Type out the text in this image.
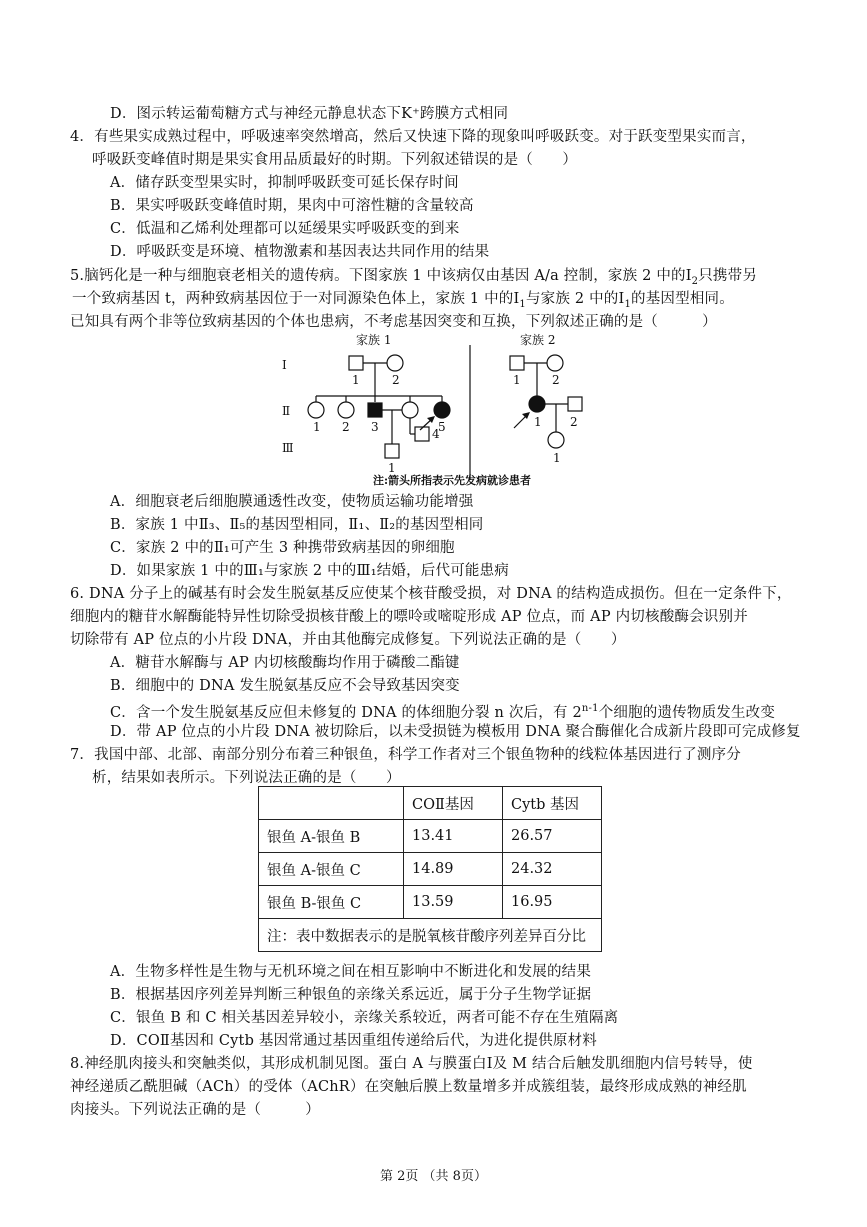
D．图示转运葡萄糖方式与神经元静息状态下K⁺跨膜方式相同
4．有些果实成熟过程中，呼吸速率突然增高，然后又快速下降的现象叫呼吸跃变。对于跃变型果实而言，
呼吸跃变峰值时期是果实食用品质最好的时期。下列叙述错误的是（　　）
A．储存跃变型果实时，抑制呼吸跃变可延长保存时间
B．果实呼吸跃变峰值时期，果肉中可溶性糖的含量较高
C．低温和乙烯利处理都可以延缓果实呼吸跃变的到来
D．呼吸跃变是环境、植物激素和基因表达共同作用的结果
5.脑钙化是一种与细胞衰老相关的遗传病。下图家族 1 中该病仅由基因 A/a 控制，家族 2 中的$Ⅰ_2$只携带另
一个致病基因 t，两种致病基因位于一对同源染色体上，家族 1 中的$Ⅰ_1$与家族 2 中的$Ⅰ_1$的基因型相同。
已知具有两个非等位致病基因的个体也患病，不考虑基因突变和互换，下列叙述正确的是（　　　）
家族 1	家族 2
Ⅰ
Ⅱ
Ⅲ
1	2
1 2 3	4
5
1
1	2
1 2
1
注:箭头所指表示先发病就诊患者
A．细胞衰老后细胞膜通透性改变，使物质运输功能增强
B．家族 1 中Ⅱ₃、Ⅱ₅的基因型相同，Ⅱ₁、Ⅱ₂的基因型相同
C．家族 2 中的Ⅱ₁可产生 3 种携带致病基因的卵细胞
D．如果家族 1 中的Ⅲ₁与家族 2 中的Ⅲ₁结婚，后代可能患病
6. DNA 分子上的碱基有时会发生脱氨基反应使某个核苷酸受损，对 DNA 的结构造成损伤。但在一定条件下，
细胞内的糖苷水解酶能特异性切除受损核苷酸上的嘌呤或嘧啶形成 AP 位点，而 AP 内切核酸酶会识别并
切除带有 AP 位点的小片段 DNA，并由其他酶完成修复。下列说法正确的是（　　）
A．糖苷水解酶与 AP 内切核酸酶均作用于磷酸二酯键
B．细胞中的 DNA 发生脱氨基反应不会导致基因突变
C．含一个发生脱氨基反应但未修复的 DNA 的体细胞分裂 n 次后，有 2$^{n-1}$个细胞的遗传物质发生改变
D．带 AP 位点的小片段 DNA 被切除后，以未受损链为模板用 DNA 聚合酶催化合成新片段即可完成修复
7．我国中部、北部、南部分别分布着三种银鱼，科学工作者对三个银鱼物种的线粒体基因进行了测序分
析，结果如表所示。下列说法正确的是（　　）
	COⅡ基因	Cytb 基因
银鱼 A-银鱼 B	13.41	26.57
银鱼 A-银鱼 C	14.89	24.32
银鱼 B-银鱼 C	13.59	16.95
注：表中数据表示的是脱氧核苷酸序列差异百分比		
A．生物多样性是生物与无机环境之间在相互影响中不断进化和发展的结果
B．根据基因序列差异判断三种银鱼的亲缘关系远近，属于分子生物学证据
C．银鱼 B 和 C 相关基因差异较小，亲缘关系较近，两者可能不存在生殖隔离
D．COⅡ基因和 Cytb 基因常通过基因重组传递给后代，为进化提供原材料
8.神经肌肉接头和突触类似，其形成机制见图。蛋白 A 与膜蛋白Ⅰ及 M 结合后触发肌细胞内信号转导，使
神经递质乙酰胆碱（ACh）的受体（AChR）在突触后膜上数量增多并成簇组装，最终形成成熟的神经肌
肉接头。下列说法正确的是（　　　）
第 2页 （共 8页）
